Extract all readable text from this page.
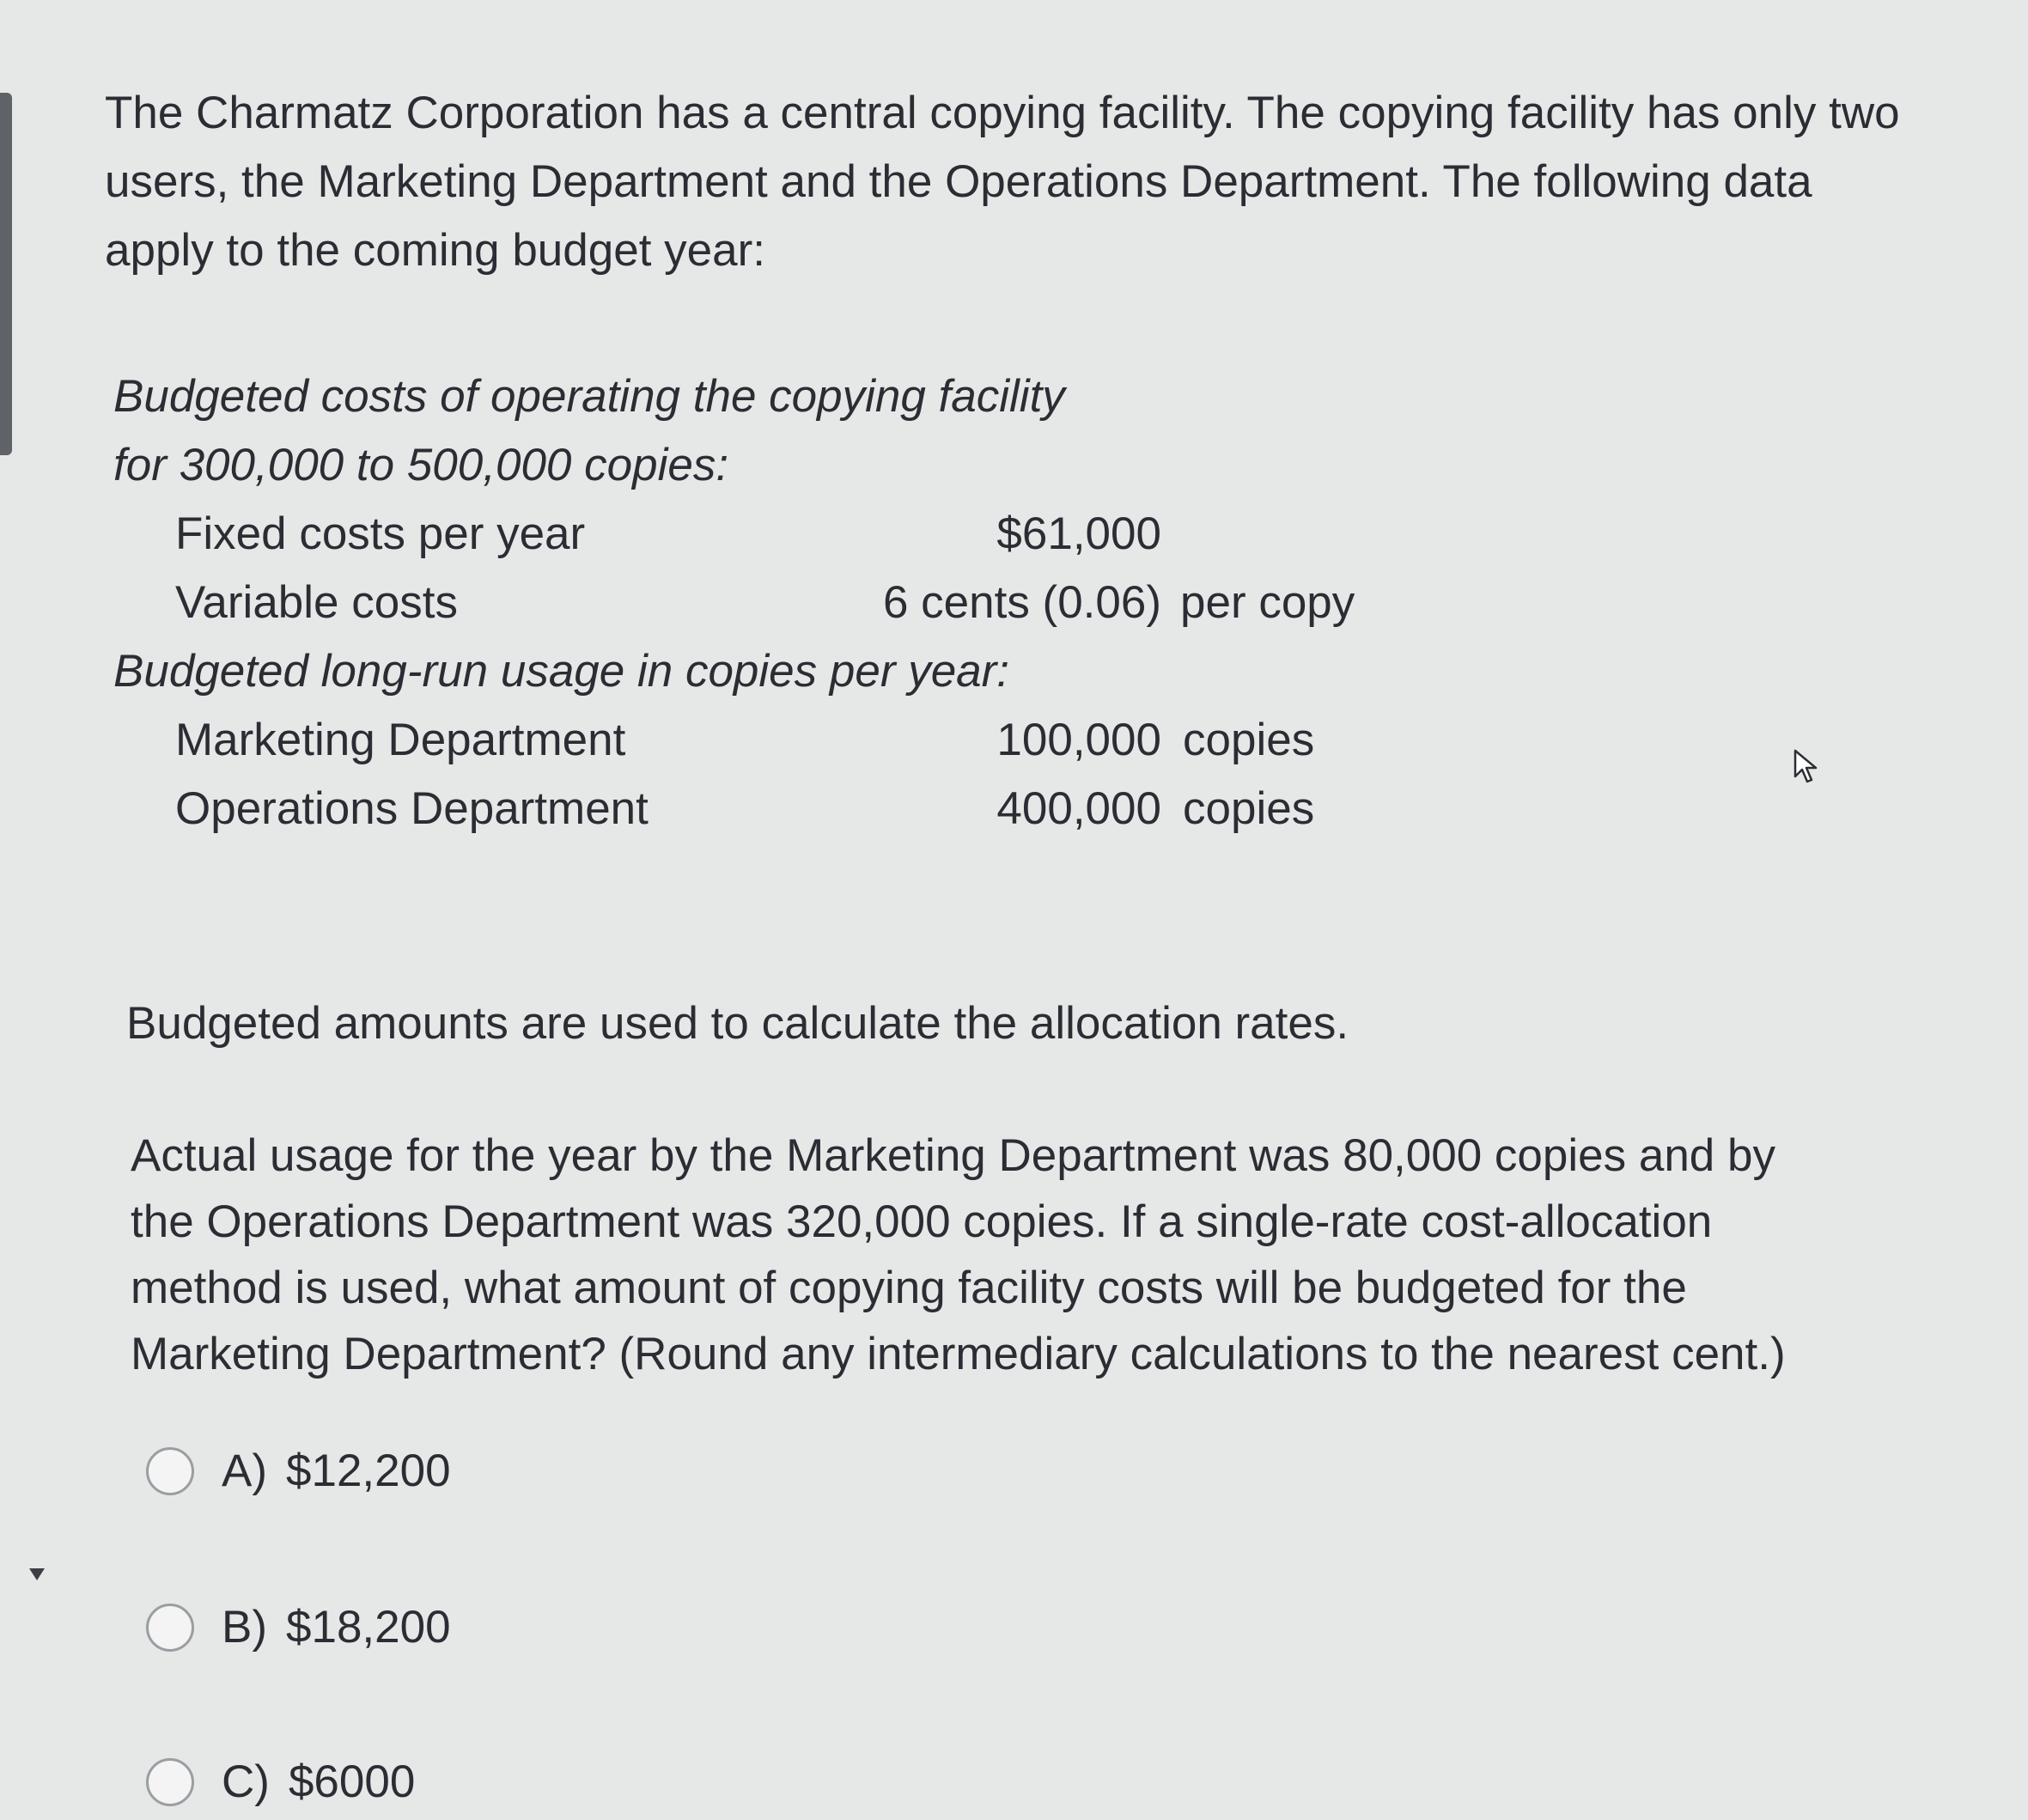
The Charmatz Corporation has a central copying facility. The copying facility has only two users, the Marketing Department and the Operations Department. The following data apply to the coming budget year:

Budgeted costs of operating the copying facility
for 300,000 to 500,000 copies:
Fixed costs per year	$61,000
Variable costs	6 cents (0.06) per copy
Budgeted long-run usage in copies per year:
Marketing Department	100,000 copies
Operations Department	400,000 copies

Budgeted amounts are used to calculate the allocation rates.

Actual usage for the year by the Marketing Department was 80,000 copies and by the Operations Department was 320,000 copies. If a single-rate cost-allocation method is used, what amount of copying facility costs will be budgeted for the Marketing Department? (Round any intermediary calculations to the nearest cent.)

A) $12,200
B) $18,200
C) $6000
